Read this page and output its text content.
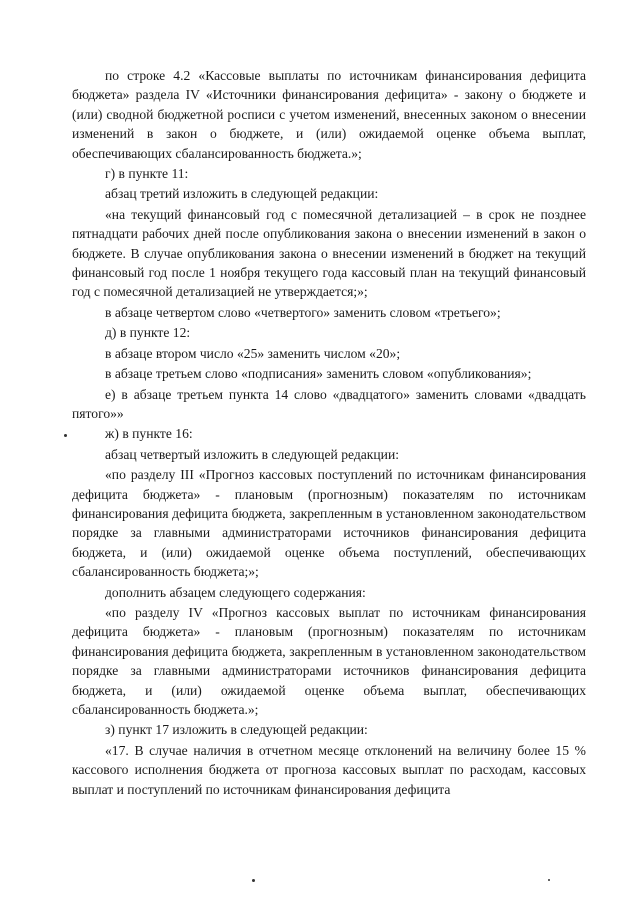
по строке 4.2 «Кассовые выплаты по источникам финансирования дефицита бюджета» раздела IV «Источники финансирования дефицита» - закону о бюджете и (или) сводной бюджетной росписи с учетом изменений, внесенных законом о внесении изменений в закон о бюджете, и (или) ожидаемой оценке объема выплат, обеспечивающих сбалансированность бюджета.»;

г) в пункте 11:

абзац третий изложить в следующей редакции:

«на текущий финансовый год с помесячной детализацией – в срок не позднее пятнадцати рабочих дней после опубликования закона о внесении изменений в закон о бюджете. В случае опубликования закона о внесении изменений в бюджет на текущий финансовый год после 1 ноября текущего года кассовый план на текущий финансовый год с помесячной детализацией не утверждается;»;

в абзаце четвертом слово «четвертого» заменить словом «третьего»;

д) в пункте 12:

в абзаце втором число «25» заменить числом «20»;

в абзаце третьем слово «подписания» заменить словом «опубликования»;

е) в абзаце третьем пункта 14 слово «двадцатого» заменить словами «двадцать пятого»»

ж) в пункте 16:

абзац четвертый изложить в следующей редакции:

«по разделу III «Прогноз кассовых поступлений по источникам финансирования дефицита бюджета» - плановым (прогнозным) показателям по источникам финансирования дефицита бюджета, закрепленным в установленном законодательством порядке за главными администраторами источников финансирования дефицита бюджета, и (или) ожидаемой оценке объема поступлений, обеспечивающих сбалансированность бюджета;»;

дополнить абзацем следующего содержания:

«по разделу IV «Прогноз кассовых выплат по источникам финансирования дефицита бюджета» - плановым (прогнозным) показателям по источникам финансирования дефицита бюджета, закрепленным в установленном законодательством порядке за главными администраторами источников финансирования дефицита бюджета, и (или) ожидаемой оценке объема выплат, обеспечивающих сбалансированность бюджета.»;

з) пункт 17 изложить в следующей редакции:

«17. В случае наличия в отчетном месяце отклонений на величину более 15 % кассового исполнения бюджета от прогноза кассовых выплат по расходам, кассовых выплат и поступлений по источникам финансирования дефицита
